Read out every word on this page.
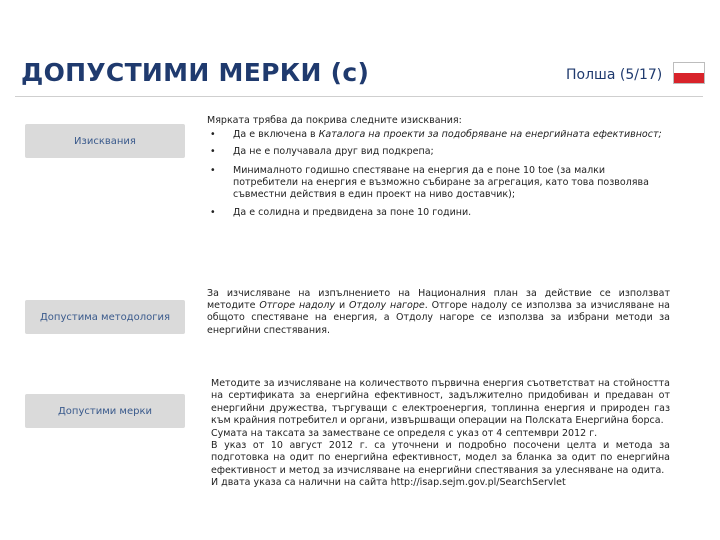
ДОПУСТИМИ МЕРКИ (с)	Полша (5/17)
Изисквания
Мярката трябва да покрива следните изисквания:
• Да е включена в Каталога на проекти за подобряване на енергийната ефективност;
• Да не е получавала друг вид подкрепа;
• Минималното годишно спестяване на енергия да е поне 10 toe (за малки потребители на енергия е възможно събиране за агрегация, като това позволява съвместни действия в един проект на ниво доставчик);
• Да е солидна и предвидена за поне 10 години.
Допустима методология
За изчисляване на изпълнението на Националния план за действие се използват методите Отгоре надолу и Отдолу нагоре. Отгоре надолу се използва за изчисляване на общото спестяване на енергия, а Отдолу нагоре се използва за избрани методи за енергийни спестявания.
Допустими мерки
Методите за изчисляване на количеството първична енергия съответстват на стойността на сертификата за енергийна ефективност, задължително придобиван и предаван от енергийни дружества, търгуващи с електроенергия, топлинна енергия и природен газ към крайния потребител и органи, извършващи операции на Полската Енергийна борса.
Сумата на таксата за заместване се определя с указ от 4 септември 2012 г.
В указ от 10 август 2012 г. са уточнени и подробно посочени целта и метода за подготовка на одит по енергийна ефективност, модел за бланка за одит по енергийна ефективност и метод за изчисляване на енергийни спестявания за улесняване на одита.
И двата указа са налични на сайта http://isap.sejm.gov.pl/SearchServlet
